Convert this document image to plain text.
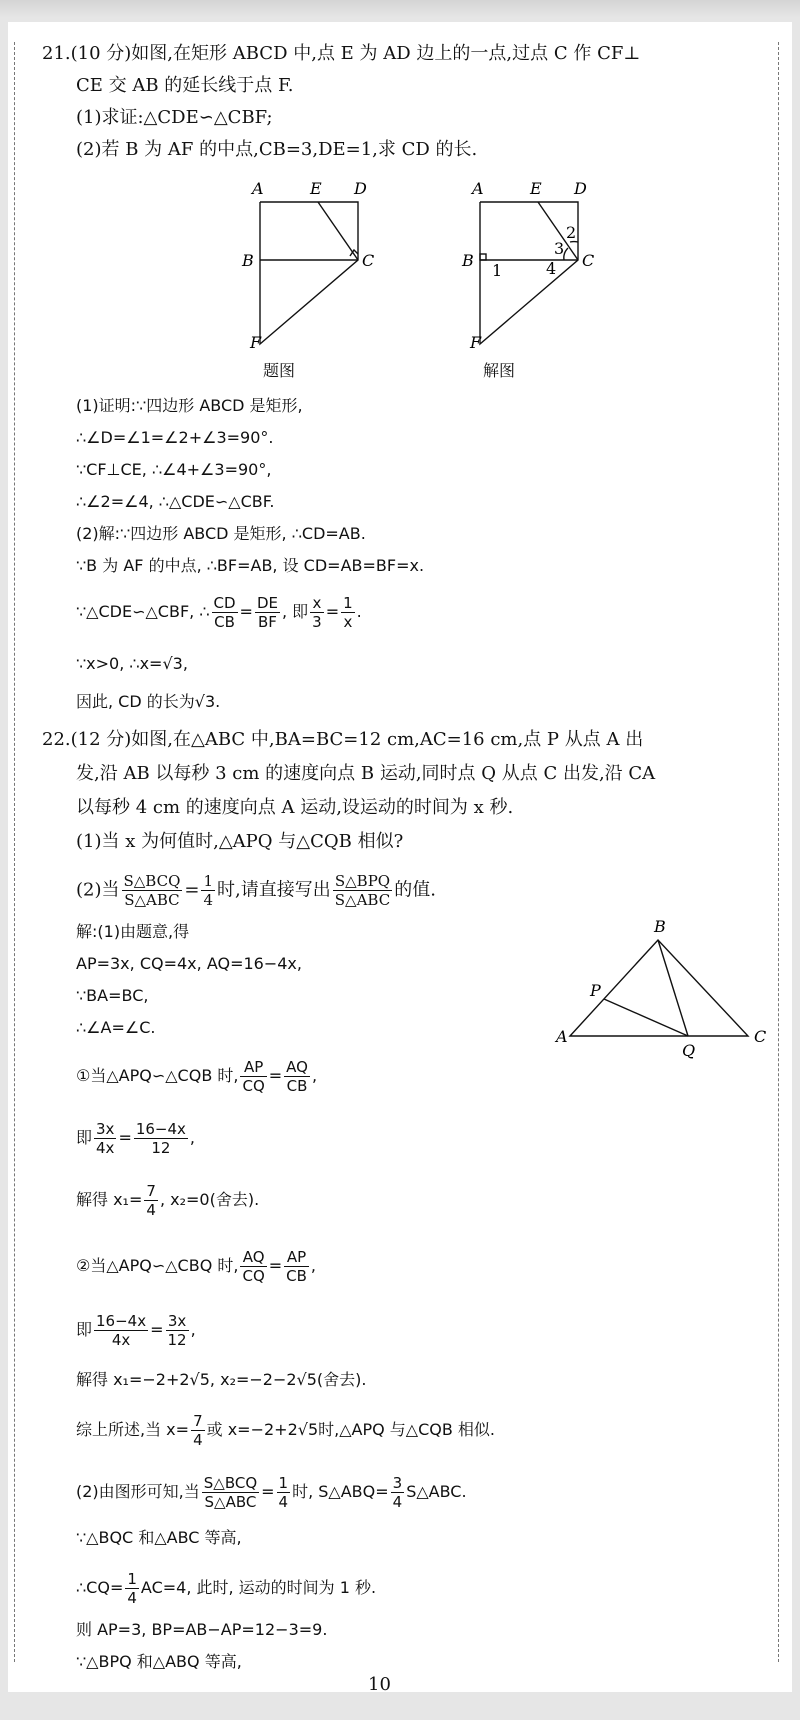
21.(10 分)如图,在矩形 ABCD 中,点 E 为 AD 边上的一点,过点 C 作 CF⊥
CE 交 AB 的延长线于点 F.
(1)求证:△CDE∽△CBF;
(2)若 B 为 AF 的中点,CB=3,DE=1,求 CD 的长.
A	E D
B	C
F
题图
A	E D
B	C
F
1
2
3
4
解图
(1)证明:∵四边形 ABCD 是矩形,
∴∠D=∠1=∠2+∠3=90°.
∵CF⊥CE, ∴∠4+∠3=90°,
∴∠2=∠4, ∴△CDE∽△CBF.
(2)解:∵四边形 ABCD 是矩形, ∴CD=AB.
∵B 为 AF 的中点, ∴BF=AB, 设 CD=AB=BF=x.
∵△CDE∽△CBF, ∴ $\frac{CD}{CB} = \frac{DE}{BF}$ , 即 $\frac{x}{3} = \frac{1}{x}$ .
∵x>0, ∴x=√3,
因此, CD 的长为√3.
22.(12 分)如图,在△ABC 中,BA=BC=12 cm,AC=16 cm,点 P 从点 A 出
发,沿 AB 以每秒 3 cm 的速度向点 B 运动,同时点 Q 从点 C 出发,沿 CA
以每秒 4 cm 的速度向点 A 运动,设运动的时间为 x 秒.
(1)当 x 为何值时,△APQ 与△CQB 相似?
(2)当 $\frac{\text{S△BCQ}}{\text{S△ABC}} = \frac{1}{4}$ 时,请直接写出 $\frac{\text{S△BPQ}}{\text{S△ABC}}$ 的值.
B
A	C
P
Q
解:(1)由题意,得
AP=3x, CQ=4x, AQ=16−4x,
∵BA=BC,
∴∠A=∠C.
①当△APQ∽△CQB 时, $\frac{AP}{CQ} = \frac{AQ}{CB}$ ,
即 $\frac{3x}{4x} = \frac{16-4x}{12}$ ,
解得 $x_1= \frac{7}{4}$ , x₂=0(舍去).
②当△APQ∽△CBQ 时, $\frac{AQ}{CQ} = \frac{AP}{CB}$ ,
即 $\frac{16-4x}{4x} = \frac{3x}{12}$ ,
解得 x₁=−2+2√5, x₂=−2−2√5(舍去).
综上所述,当 $x= \frac{7}{4}$ 或 x=−2+2√5时,△APQ 与△CQB 相似.
(2)由图形可知,当 $\frac{\text{S△BCQ}}{\text{S△ABC}} = \frac{1}{4}$ 时, S△ABQ= $\frac{3}{4}$ S△ABC.
∵△BQC 和△ABC 等高,
∴CQ= $\frac{1}{4} AC=4$, 此时, 运动的时间为 1 秒.
则 AP=3, BP=AB−AP=12−3=9.
∵△BPQ 和△ABQ 等高,
10
